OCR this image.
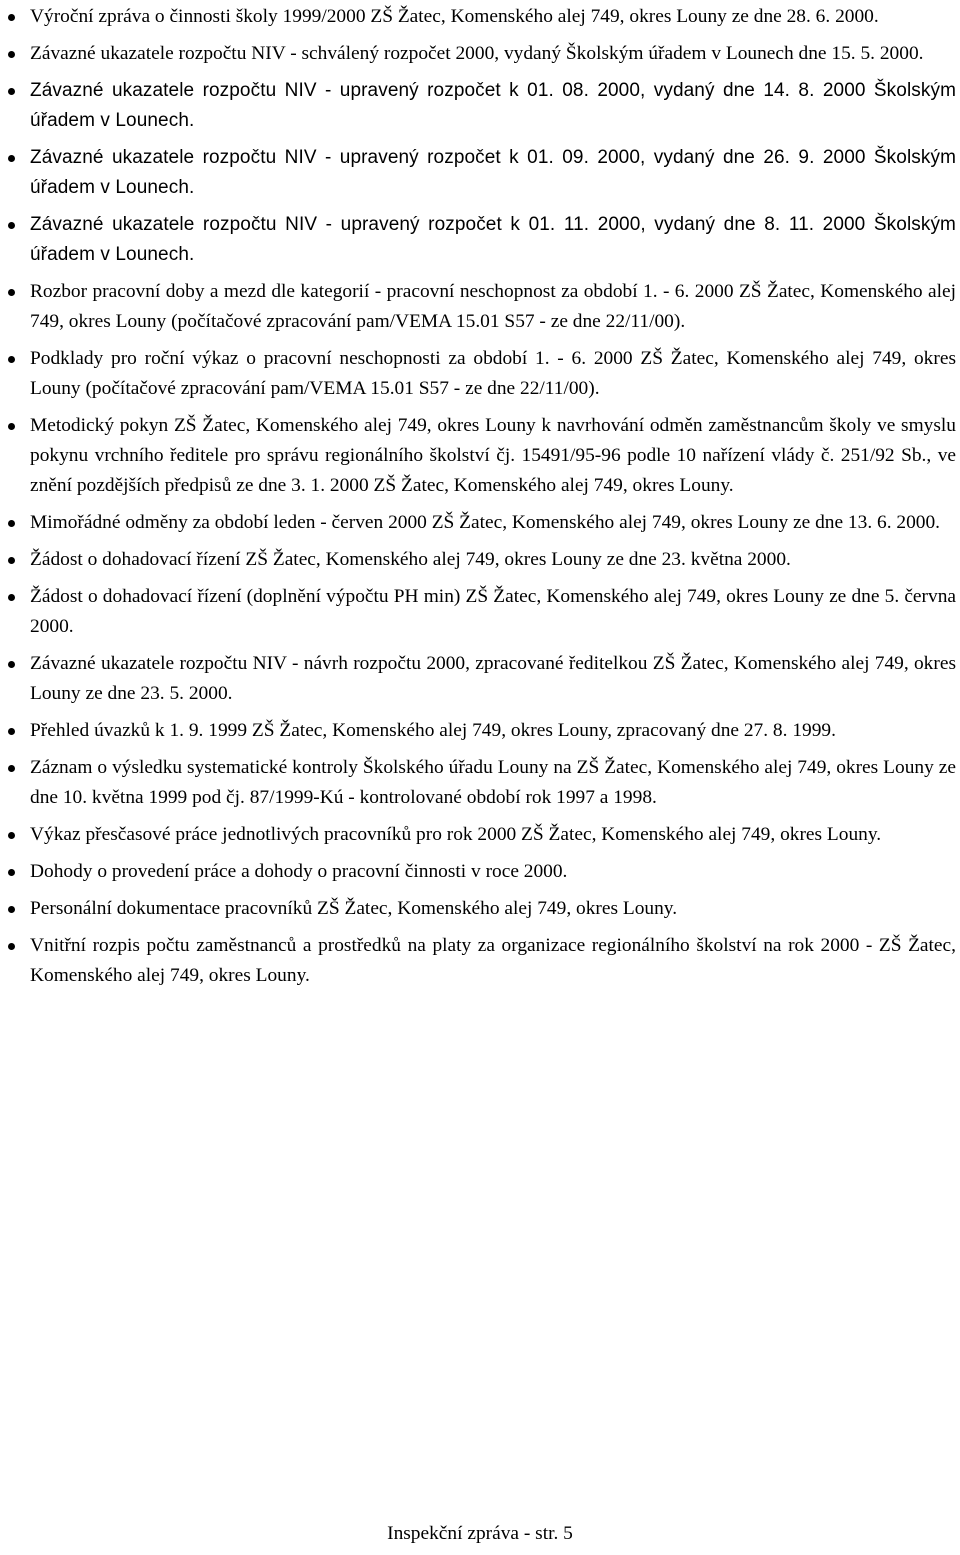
Výroční zpráva o činnosti školy 1999/2000 ZŠ Žatec, Komenského alej 749, okres Louny ze dne 28. 6. 2000.
Závazné ukazatele rozpočtu NIV - schválený rozpočet 2000, vydaný Školským úřadem v Lounech dne 15. 5. 2000.
Závazné ukazatele rozpočtu NIV - upravený rozpočet k 01. 08. 2000, vydaný dne 14. 8. 2000 Školským úřadem v Lounech.
Závazné ukazatele rozpočtu NIV - upravený rozpočet k 01. 09. 2000, vydaný dne 26. 9. 2000 Školským úřadem v Lounech.
Závazné ukazatele rozpočtu NIV - upravený rozpočet k 01. 11. 2000, vydaný dne 8. 11. 2000 Školským úřadem v Lounech.
Rozbor pracovní doby a mezd dle kategorií - pracovní neschopnost za období 1. - 6. 2000 ZŠ Žatec, Komenského alej 749, okres Louny (počítačové zpracování pam/VEMA 15.01 S57 - ze dne 22/11/00).
Podklady pro roční výkaz o pracovní neschopnosti za období 1. - 6. 2000 ZŠ Žatec, Komenského alej 749, okres Louny (počítačové zpracování pam/VEMA 15.01 S57 - ze dne 22/11/00).
Metodický pokyn ZŠ Žatec, Komenského alej 749, okres Louny k navrhování odměn zaměstnancům školy ve smyslu pokynu vrchního ředitele pro správu regionálního školství čj. 15491/95-96 podle 10 nařízení vlády č. 251/92 Sb., ve znění pozdějších předpisů ze dne 3. 1. 2000 ZŠ Žatec, Komenského alej 749, okres Louny.
Mimořádné odměny za období leden - červen 2000 ZŠ Žatec, Komenského alej 749, okres Louny ze dne 13. 6. 2000.
Žádost o dohadovací řízení ZŠ Žatec, Komenského alej 749, okres Louny ze dne 23. května 2000.
Žádost o dohadovací řízení (doplnění výpočtu PH min) ZŠ Žatec, Komenského alej 749, okres Louny ze dne 5. června 2000.
Závazné ukazatele rozpočtu NIV - návrh rozpočtu 2000, zpracované ředitelkou ZŠ Žatec, Komenského alej 749, okres Louny ze dne 23. 5. 2000.
Přehled úvazků k 1. 9. 1999 ZŠ Žatec, Komenského alej 749, okres Louny, zpracovaný dne 27. 8. 1999.
Záznam o výsledku systematické kontroly Školského úřadu Louny na ZŠ Žatec, Komenského alej 749, okres Louny ze dne 10. května 1999 pod čj. 87/1999-Kú - kontrolované období rok 1997 a 1998.
Výkaz přesčasové práce jednotlivých pracovníků pro rok 2000 ZŠ Žatec, Komenského alej 749, okres Louny.
Dohody o provedení práce a dohody o pracovní činnosti v roce 2000.
Personální dokumentace pracovníků ZŠ Žatec, Komenského alej 749, okres Louny.
Vnitřní rozpis počtu zaměstnanců a prostředků na platy za organizace regionálního školství na rok 2000 - ZŠ Žatec, Komenského alej 749, okres Louny.
Inspekční zpráva - str. 5
